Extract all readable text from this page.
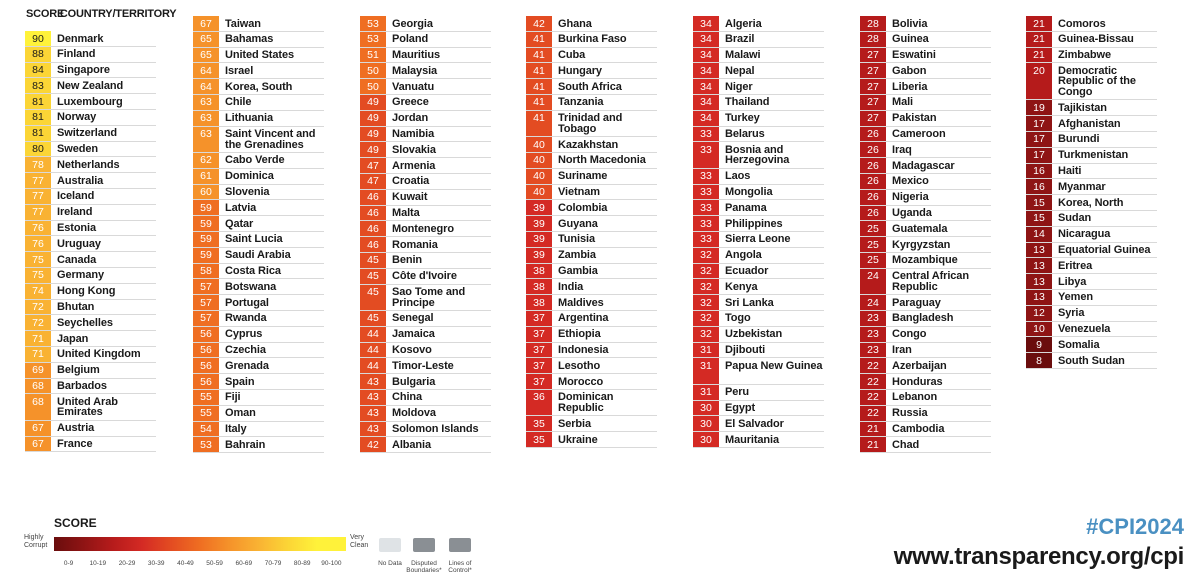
SCORE COUNTRY/TERRITORY
90	Denmark
88	Finland
84	Singapore
83	New Zealand
81	Luxembourg
81	Norway
81	Switzerland
80	Sweden
78	Netherlands
77	Australia
77	Iceland
77	Ireland
76	Estonia
76	Uruguay
75	Canada
75	Germany
74	Hong Kong
72	Bhutan
72	Seychelles
71	Japan
71	United Kingdom
69	Belgium
68	Barbados
68	United Arab Emirates
67	Austria
67	France
67	Taiwan
65	Bahamas
65	United States
64	Israel
64	Korea, South
63	Chile
63	Lithuania
63	Saint Vincent and the Grenadines
62	Cabo Verde
61	Dominica
60	Slovenia
59	Latvia
59	Qatar
59	Saint Lucia
59	Saudi Arabia
58	Costa Rica
57	Botswana
57	Portugal
57	Rwanda
56	Cyprus
56	Czechia
56	Grenada
56	Spain
55	Fiji
55	Oman
54	Italy
53	Bahrain
53	Georgia
53	Poland
51	Mauritius
50	Malaysia
50	Vanuatu
49	Greece
49	Jordan
49	Namibia
49	Slovakia
47	Armenia
47	Croatia
46	Kuwait
46	Malta
46	Montenegro
46	Romania
45	Benin
45	Côte d'Ivoire
45	Sao Tome and Principe
45	Senegal
44	Jamaica
44	Kosovo
44	Timor-Leste
43	Bulgaria
43	China
43	Moldova
43	Solomon Islands
42	Albania
42	Ghana
41	Burkina Faso
41	Cuba
41	Hungary
41	South Africa
41	Tanzania
41	Trinidad and Tobago
40	Kazakhstan
40	North Macedonia
40	Suriname
40	Vietnam
39	Colombia
39	Guyana
39	Tunisia
39	Zambia
38	Gambia
38	India
38	Maldives
37	Argentina
37	Ethiopia
37	Indonesia
37	Lesotho
37	Morocco
36	Dominican Republic
35	Serbia
35	Ukraine
34	Algeria
34	Brazil
34	Malawi
34	Nepal
34	Niger
34	Thailand
34	Turkey
33	Belarus
33	Bosnia and Herzegovina
33	Laos
33	Mongolia
33	Panama
33	Philippines
33	Sierra Leone
32	Angola
32	Ecuador
32	Kenya
32	Sri Lanka
32	Togo
32	Uzbekistan
31	Djibouti
31	Papua New Guinea
31	Peru
30	Egypt
30	El Salvador
30	Mauritania
28	Bolivia
28	Guinea
27	Eswatini
27	Gabon
27	Liberia
27	Mali
27	Pakistan
26	Cameroon
26	Iraq
26	Madagascar
26	Mexico
26	Nigeria
26	Uganda
25	Guatemala
25	Kyrgyzstan
25	Mozambique
24	Central African Republic
24	Paraguay
23	Bangladesh
23	Congo
23	Iran
22	Azerbaijan
22	Honduras
22	Lebanon
22	Russia
21	Cambodia
21	Chad
21	Comoros
21	Guinea-Bissau
21	Zimbabwe
20	Democratic Republic of the Congo
19	Tajikistan
17	Afghanistan
17	Burundi
17	Turkmenistan
16	Haiti
16	Myanmar
15	Korea, North
15	Sudan
14	Nicaragua
13	Equatorial Guinea
13	Eritrea
13	Libya
13	Yemen
12	Syria
10	Venezuela
9	Somalia
8	South Sudan
SCORE
Highly Corrupt
Very Clean
0-9	10-19	20-29	30-39	40-49	50-59	60-69	70-79	80-89	90-100	No Data	Disputed Boundaries*
Lines of Control*
#CPI2024
www.transparency.org/cpi
